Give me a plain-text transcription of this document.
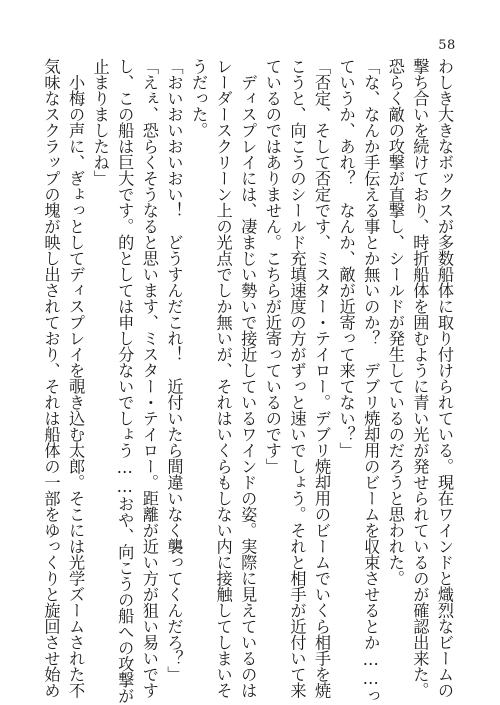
58

わしき大きなボックスが多数船体に取り付けられている。現在ワインドと熾烈なビームの

撃ち合いを続けており、時折船体を囲むように青い光が発せられているのが確認出来た。

恐らく敵の攻撃が直撃し、シールドが発生しているのだろうと思われた。

「な、なんか手伝える事とか無いのか？　デブリ焼却用のビームを収束させるとか……っ

ていうか、あれ？　なんか、敵が近寄って来てない？」

「否定、そして否定です、ミスター・テイロー。デブリ焼却用のビームでいくら相手を焼

こうと、向こうのシールド充填速度の方がずっと速いでしょう。それと相手が近付いて来

ているのではありません。こちらが近寄っているのです」

　ディスプレイには、凄まじい勢いで接近しているワインドの姿。実際に見えているのは

レーダースクリーン上の光点でしか無いが、それはいくらもしない内に接触してしまいそ

うだった。

「おいおいおいおい！　どうすんだこれ！　近付いたら間違いなく襲ってくんだろ？」

「えぇ、恐らくそうなると思います、ミスター・テイロー。距離が近い方が狙い易いです

し、この船は巨大です。的としては申し分ないでしょう……おや、向こうの船への攻撃が

止まりましたね」

　小梅の声に、ぎょっとしてディスプレイを覗き込む太郎。そこには光学ズームされた不

気味なスクラップの塊が映し出されており、それは船体の一部をゆっくりと旋回させ始め
